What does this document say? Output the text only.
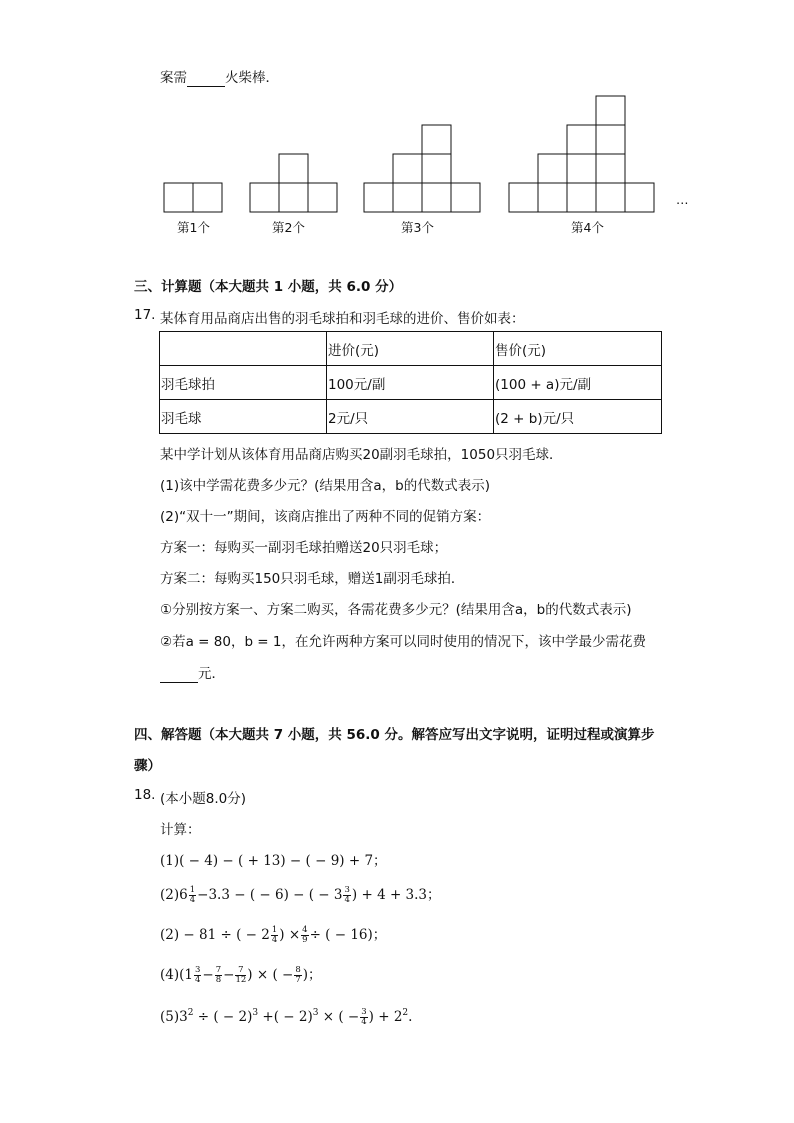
案需	火柴棒．
第1个	第2个	第3个	第4个
…
三、计算题（本大题共 1 小题，共 6.0 分）
17. 某体育用品商店出售的羽毛球拍和羽毛球的进价、售价如表：
	进价(元)	售价(元)
羽毛球拍	100元/副	(100 + a)元/副
羽毛球	2元/只	(2 + b)元/只
某中学计划从该体育用品商店购买20副羽毛球拍，1050只羽毛球．
(1)该中学需花费多少元？(结果用含a，b的代数式表示)
(2)“双十一”期间，该商店推出了两种不同的促销方案：
方案一：每购买一副羽毛球拍赠送20只羽毛球；
方案二：每购买150只羽毛球，赠送1副羽毛球拍．
①分别按方案一、方案二购买，各需花费多少元？(结果用含a，b的代数式表示)
②若a = 80，b = 1，在允许两种方案可以同时使用的情况下，该中学最少需花费
元．
四、解答题（本大题共 7 小题，共 56.0 分。解答应写出文字说明，证明过程或演算步
骤）
18. (本小题8.0分)
计算：
(1)( − 4) − ( + 13) − ( − 9) + 7；
$(2)6 \frac{1}{4} -3.3$ − ( − 6) − ( − $3 \frac{3}{4}$ ) + 4 + 3.3；
(2) − 81 ÷ ( − $2 \frac{1}{4}$ ) × $\frac{4}{9}$ ÷ ( − 16)；
$(4)(1 \frac{3}{4} - \frac{7}{8} - \frac{7}{12}$ ) × ( − $\frac{8}{7}$ )；
$(5)3^2$ ÷ ( − 2)$^3$ +( − 2)$^3$ × ( − $\frac{3}{4}$ ) + $2^2$.
